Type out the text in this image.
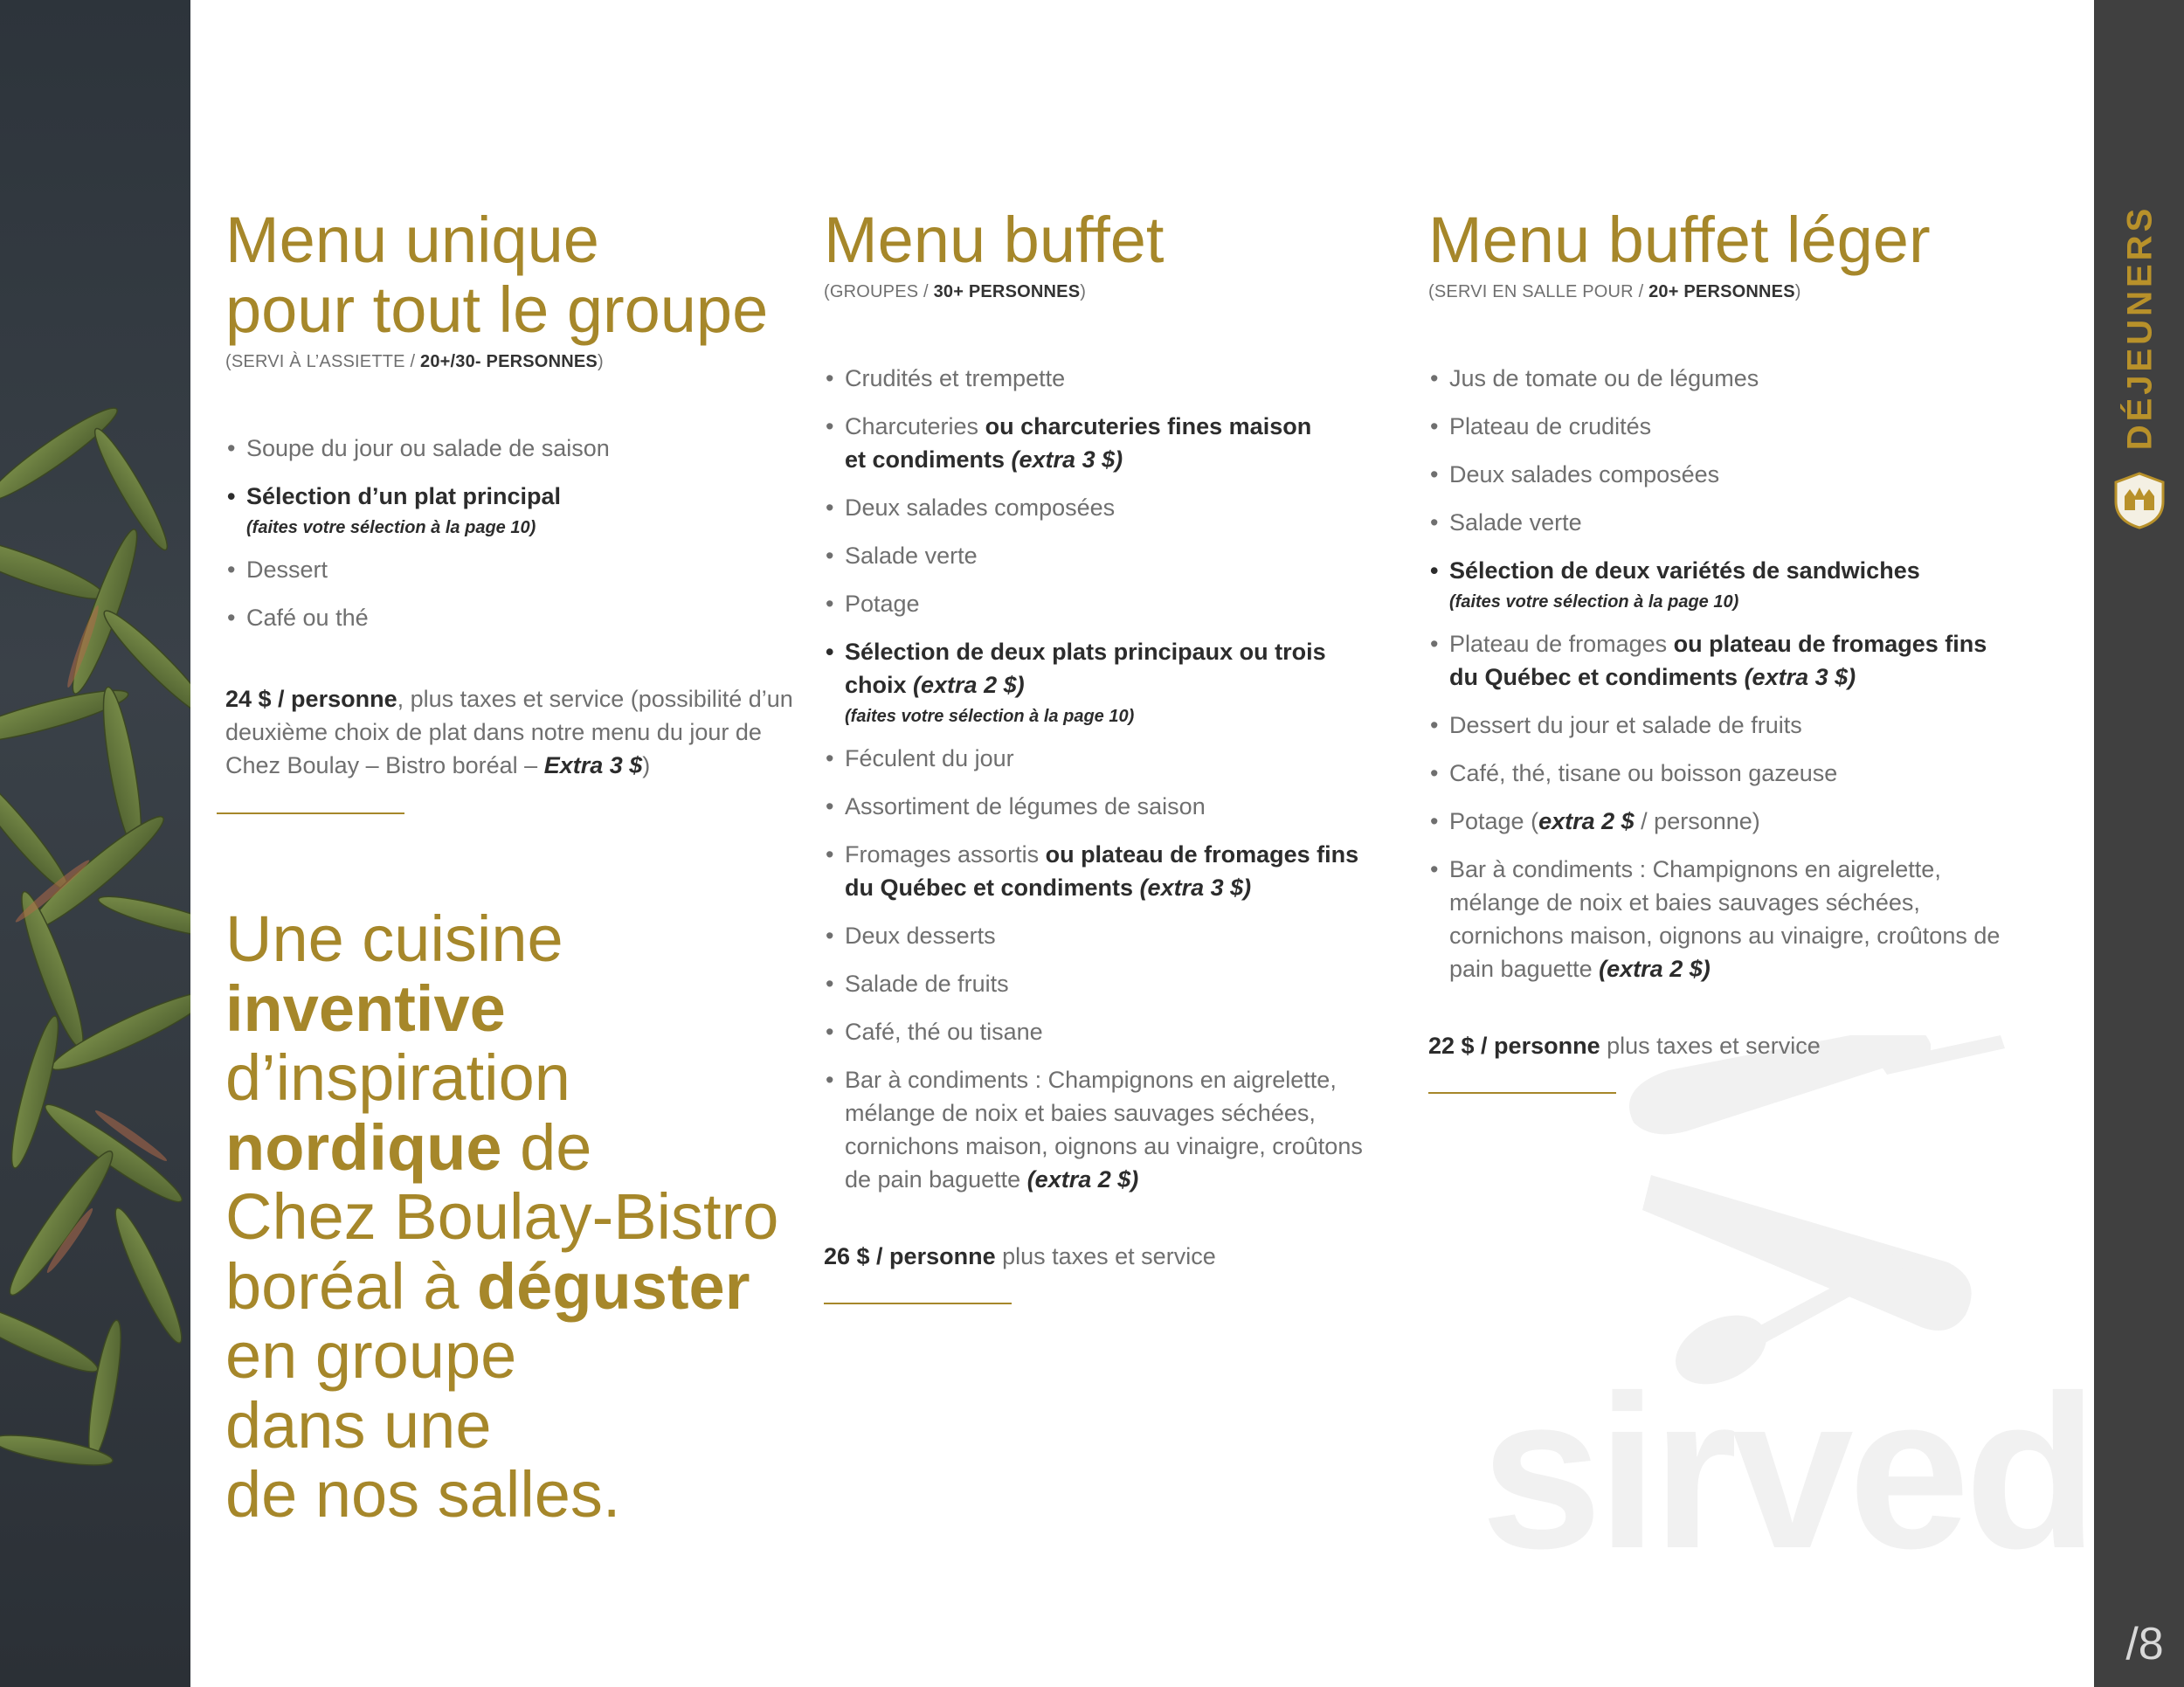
sirved
DÉJEUNERS
/8
Menu unique
pour tout le groupe
(SERVI À L’ASSIETTE / 20+/30- PERSONNES)
• Soupe du jour ou salade de saison
• Sélection d’un plat principal
(faites votre sélection à la page 10)
• Dessert
• Café ou thé
24 $ / personne, plus taxes et service (possibilité d’un deuxième choix de plat dans notre menu du jour de Chez Boulay – Bistro boréal – Extra 3 $)
Une cuisine
inventive
d’inspiration
nordique de
Chez Boulay-Bistro
boréal à déguster
en groupe
dans une
de nos salles.
Menu buffet
(GROUPES / 30+ PERSONNES)
• Crudités et trempette
• Charcuteries ou charcuteries fines maison
et condiments (extra 3 $)
• Deux salades composées
• Salade verte
• Potage
• Sélection de deux plats principaux ou trois choix (extra 2 $)
(faites votre sélection à la page 10)
• Féculent du jour
• Assortiment de légumes de saison
• Fromages assortis ou plateau de fromages fins du Québec et condiments (extra 3 $)
• Deux desserts
• Salade de fruits
• Café, thé ou tisane
• Bar à condiments : Champignons en aigrelette, mélange de noix et baies sauvages séchées, cornichons maison, oignons au vinaigre, croûtons de pain baguette (extra 2 $)
26 $ / personne plus taxes et service
Menu buffet léger
(SERVI EN SALLE POUR / 20+ PERSONNES)
• Jus de tomate ou de légumes
• Plateau de crudités
• Deux salades composées
• Salade verte
• Sélection de deux variétés de sandwiches
(faites votre sélection à la page 10)
• Plateau de fromages ou plateau de fromages fins du Québec et condiments (extra 3 $)
• Dessert du jour et salade de fruits
• Café, thé, tisane ou boisson gazeuse
• Potage (extra 2 $ / personne)
• Bar à condiments : Champignons en aigrelette, mélange de noix et baies sauvages séchées, cornichons maison, oignons au vinaigre, croûtons de pain baguette (extra 2 $)
22 $ / personne plus taxes et service
